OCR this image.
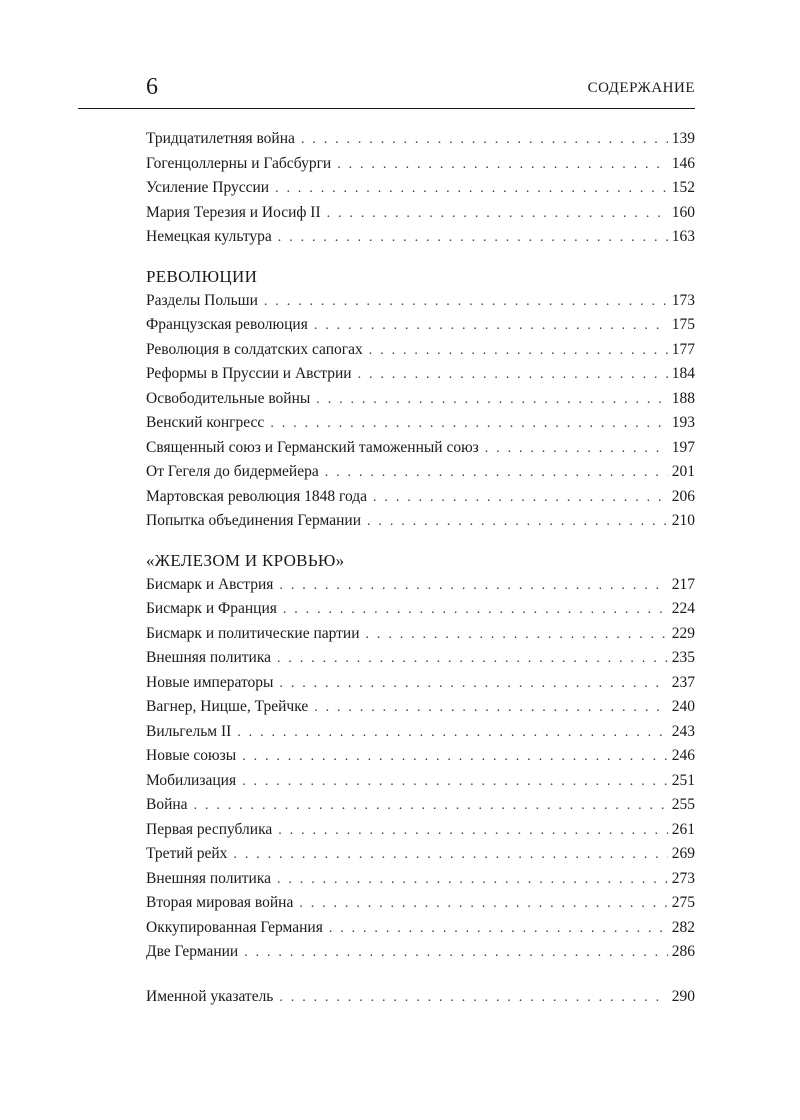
6	СОДЕРЖАНИЕ
Тридцатилетняя война . . .	139
Гогенцоллерны и Габсбурги . . .	146
Усиление Пруссии . . .	152
Мария Терезия и Иосиф II . . .	160
Немецкая культура . . .	163
РЕВОЛЮЦИИ
Разделы Польши . . .	173
Французская революция . . .	175
Революция в солдатских сапогах . . .	177
Реформы в Пруссии и Австрии . . .	184
Освободительные войны . . .	188
Венский конгресс . . .	193
Священный союз и Германский таможенный союз . . .	197
От Гегеля до бидермейера . . .	201
Мартовская революция 1848 года . . .	206
Попытка объединения Германии . . .	210
«ЖЕЛЕЗОМ И КРОВЬЮ»
Бисмарк и Австрия . . .	217
Бисмарк и Франция . . .	224
Бисмарк и политические партии . . .	229
Внешняя политика . . .	235
Новые императоры . . .	237
Вагнер, Ницше, Трейчке . . .	240
Вильгельм II . . .	243
Новые союзы . . .	246
Мобилизация . . .	251
Война . . .	255
Первая республика . . .	261
Третий рейх . . .	269
Внешняя политика . . .	273
Вторая мировая война . . .	275
Оккупированная Германия . . .	282
Две Германии . . .	286
Именной указатель . . .	290
